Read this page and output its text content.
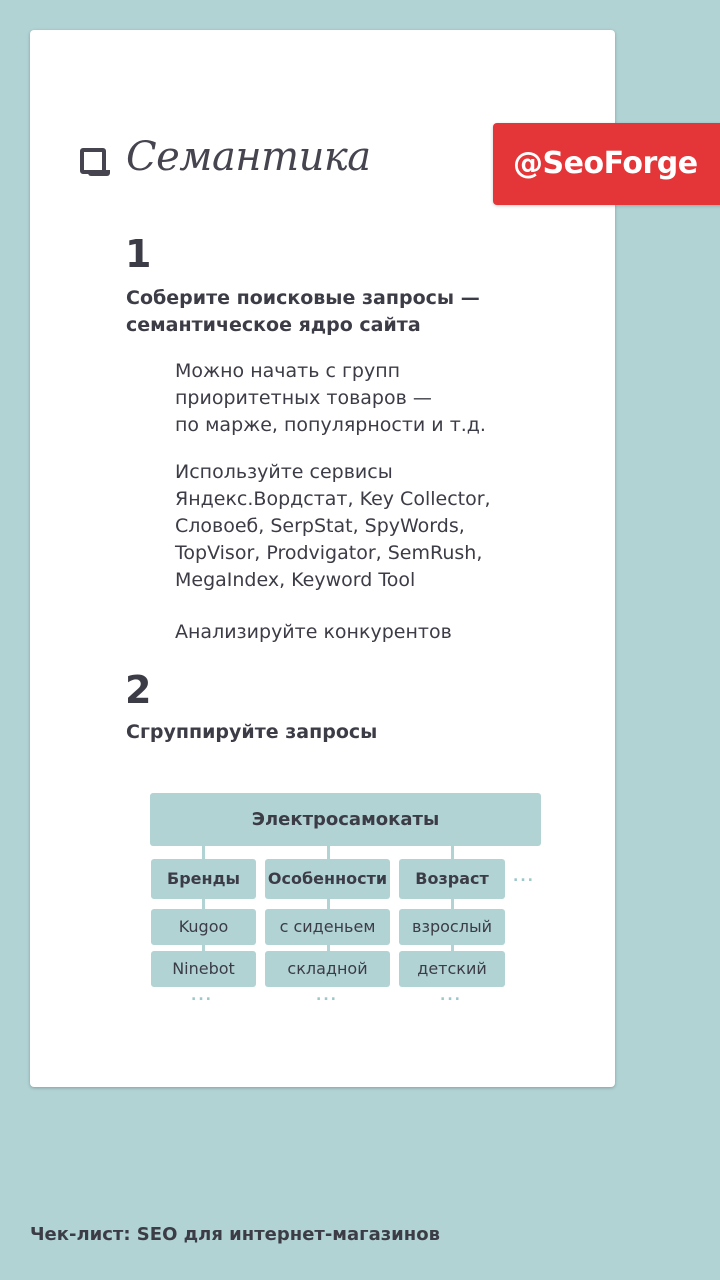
Семантика	@SeoForge
1
Соберите поисковые запросы —
семантическое ядро сайта
Можно начать с групп
приоритетных товаров —
по марже, популярности и т.д.
Используйте сервисы
Яндекс.Вордстат, Key Collector,
Словоеб, SerpStat, SpyWords,
TopVisor, Prodvigator, SemRush,
MegaIndex, Keyword Tool
Анализируйте конкурентов
2
Сгруппируйте запросы
Электросамокаты
Бренды	Особенности	Возраст	...
Kugoo	с сиденьем	взрослый
Ninebot	складной	детский
...	...	...
Чек-лист: SEO для интернет-магазинов
